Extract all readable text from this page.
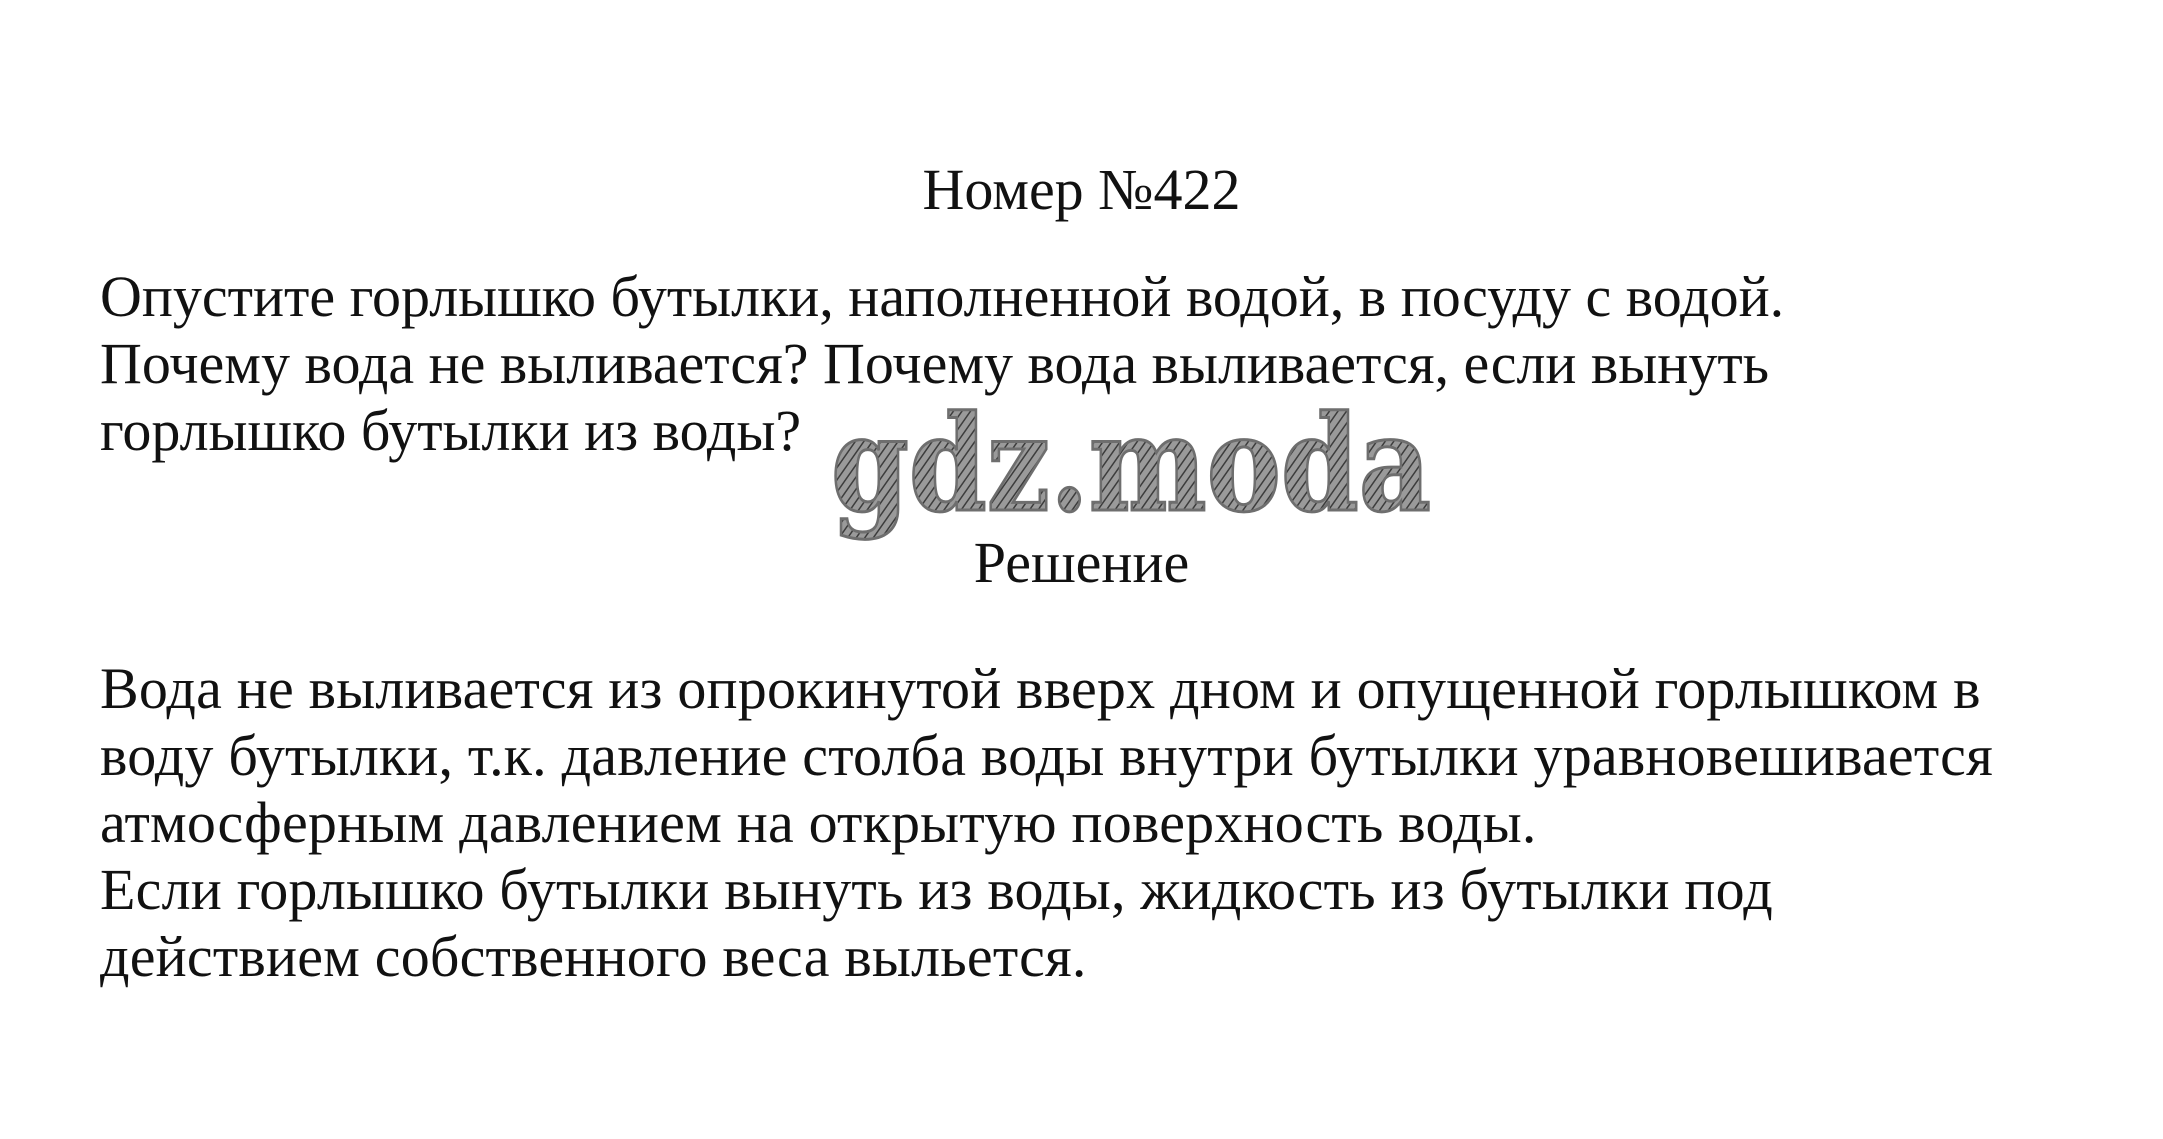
Номер №422
Опустите горлышко бутылки, наполненной водой, в посуду с водой.
Почему вода не выливается? Почему вода выливается, если вынуть
горлышко бутылки из воды? gdz.moda
Решение
Вода не выливается из опрокинутой вверх дном и опущенной горлышком в
воду бутылки, т.к. давление столба воды внутри бутылки уравновешивается
атмосферным давлением на открытую поверхность воды.
Если горлышко бутылки вынуть из воды, жидкость из бутылки под
действием собственного веса выльется.
